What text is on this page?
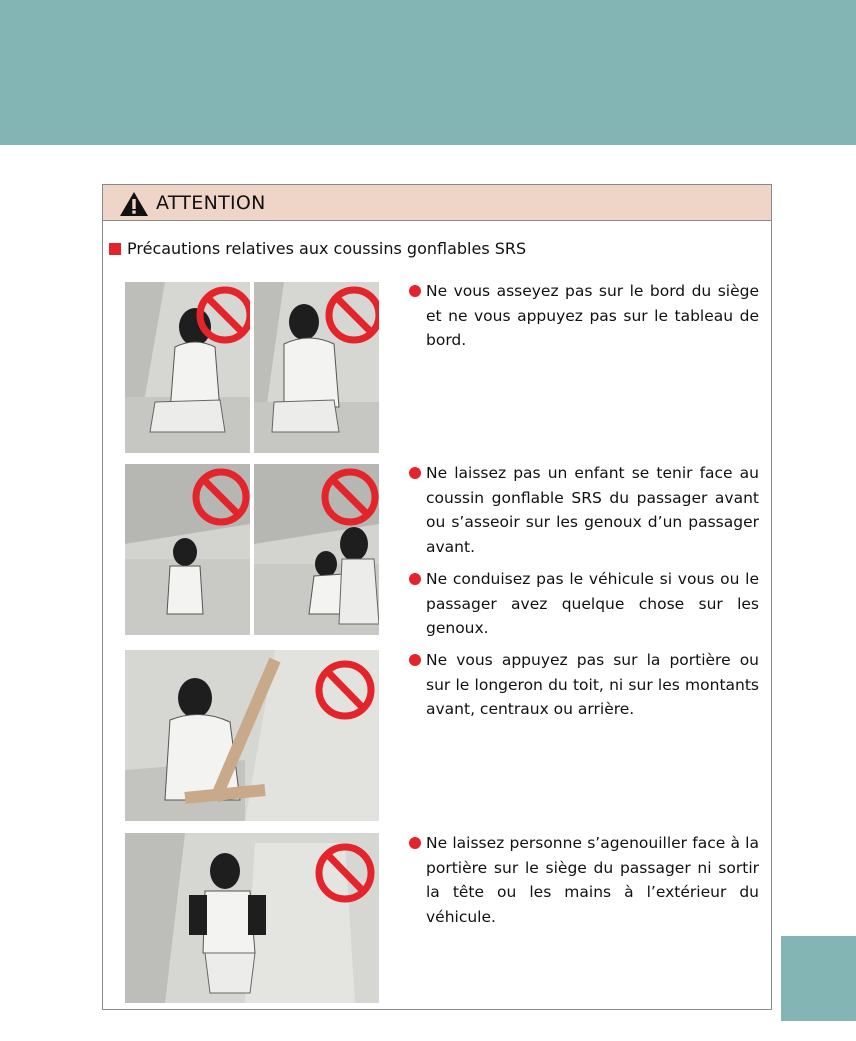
ATTENTION
Précautions relatives aux coussins gonflables SRS

Ne vous asseyez pas sur le bord du siège et ne vous appuyez pas sur le tableau de bord.

Ne laissez pas un enfant se tenir face au coussin gonflable SRS du passager avant ou s’asseoir sur les genoux d’un passager avant.

Ne conduisez pas le véhicule si vous ou le passager avez quelque chose sur les genoux.

Ne vous appuyez pas sur la portière ou sur le longeron du toit, ni sur les montants avant, centraux ou arrière.

Ne laissez personne s’agenouiller face à la portière sur le siège du passager ni sortir la tête ou les mains à l’extérieur du véhicule.
